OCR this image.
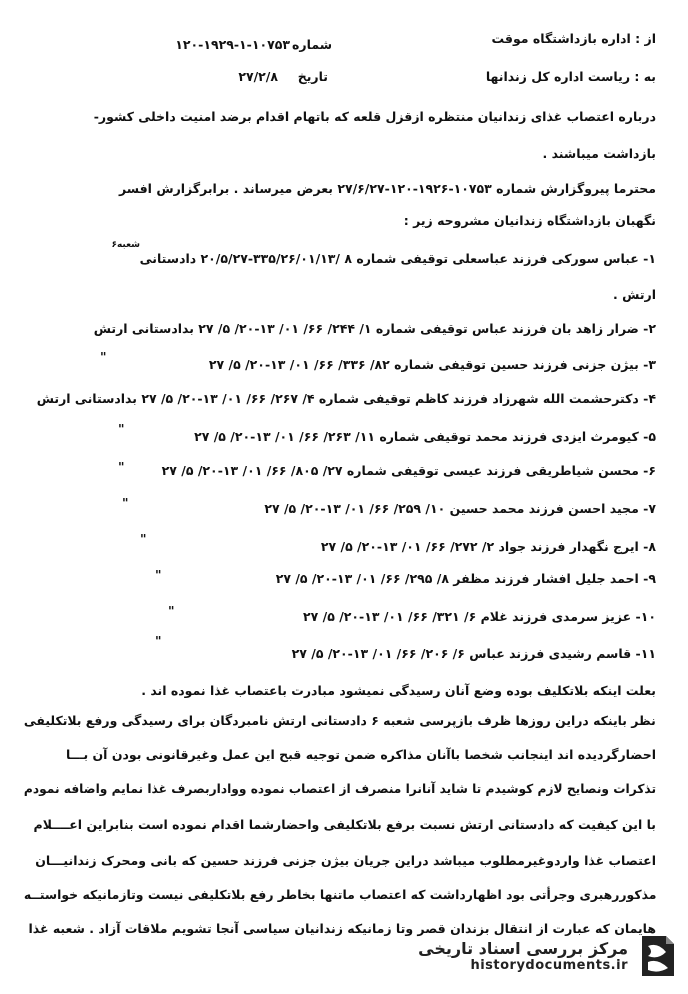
از : اداره بازداشتگاه موقت
شماره
۱۲۰-۱۹۲۹-۱-۱۰۷۵۳
به : ریاست اداره کل زندانها
تاریخ
۲۷/۲/۸
درباره اعتصاب غذای زندانیان منتظره ازقزل قلعه که باتهام اقدام برضد امنیت داخلی کشور-
بازداشت میباشند .
محترما پیروگزارش شماره ۱۰۷۵۳-۱۹۲۶-۱۲۰-۲۷/۶/۲۷ بعرض میرساند . برابرگزارش افسر
نگهبان بازداشتگاه زندانیان مشروحه زیر :
شعبه۶
۱- عباس سورکی فرزند عباسعلی توقیفی شماره ۸ /۳۳۵/۲۶/۰۱/۱۳-۲۰/۵/۲۷ دادستانی
ارتش .
۲- ضرار زاهد بان فرزند عباس توقیفی شماره ۱/ ۲۴۴/ ۶۶/ ۰۱/ ۱۳-۲۰/ ۵/ ۲۷ بدادستانی ارتش
۳- بیژن جزنی فرزند حسین توقیفی شماره ۸۲/ ۳۳۶/ ۶۶/ ۰۱/ ۱۳-۲۰/ ۵/ ۲۷
۴- دکترحشمت الله شهرزاد فرزند کاظم توقیفی شماره ۴/ ۲۶۷/ ۶۶/ ۰۱/ ۱۳-۲۰/ ۵/ ۲۷ بدادستانی ارتش
۵- کیومرث ایزدی فرزند محمد توقیفی شماره ۱۱/ ۲۶۳/ ۶۶/ ۰۱/ ۱۳-۲۰/ ۵/ ۲۷
۶- محسن شیاطریقی فرزند عیسی توقیفی شماره ۲۷/ ۸۰۵/ ۶۶/ ۰۱/ ۱۳-۲۰/ ۵/ ۲۷
۷- مجید احسن فرزند محمد حسین ۱۰/ ۲۵۹/ ۶۶/ ۰۱/ ۱۳-۲۰/ ۵/ ۲۷
۸- ایرج نگهدار فرزند جواد ۲/ ۲۷۲/ ۶۶/ ۰۱/ ۱۳-۲۰/ ۵/ ۲۷
۹- احمد جلیل افشار فرزند مظفر ۸/ ۲۹۵/ ۶۶/ ۰۱/ ۱۳-۲۰/ ۵/ ۲۷
۱۰- عزیز سرمدی فرزند غلام ۶/ ۳۲۱/ ۶۶/ ۰۱/ ۱۳-۲۰/ ۵/ ۲۷
۱۱- قاسم رشیدی فرزند عباس ۶/ ۲۰۶/ ۶۶/ ۰۱/ ۱۳-۲۰/ ۵/ ۲۷
"
"
"
"
"
"
"
"
بعلت اینکه بلاتکلیف بوده وضع آنان رسیدگی نمیشود مبادرت باعتصاب غذا نموده اند .
نظر باینکه دراین روزها ظرف بازپرسی شعبه ۶ دادستانی ارتش نامبردگان برای رسیدگی ورفع بلاتکلیفی
احضارگردیده اند اینجانب شخصا باآنان مذاکره ضمن توجیه قبح این عمل وغیرقانونی بودن آن بـــا
تذکرات ونصایح لازم کوشیدم تا شاید آنانرا منصرف از اعتصاب نموده وواداربصرف غذا نمایم واضافه نمودم
با این کیفیت که دادستانی ارتش نسبت برفع بلاتکلیفی واحضارشما اقدام نموده است بنابراین اعــــلام
اعتصاب غذا واردوغیرمطلوب میباشد دراین جریان بیژن جزنی فرزند حسین که بانی ومحرک زندانیـــان
مذکوررهبری وجرأتی بود اظهارداشت که اعتصاب ماتنها بخاطر رفع بلاتکلیفی نیست وتازمانیکه خواستــه
هایمان که عبارت از انتقال بزندان قصر وتا زمانیکه زندانیان سیاسی آنجا تشویم ملاقات آزاد . شعبه غذا
مرکز بررسی اسناد تاریخی
historydocuments.ir
